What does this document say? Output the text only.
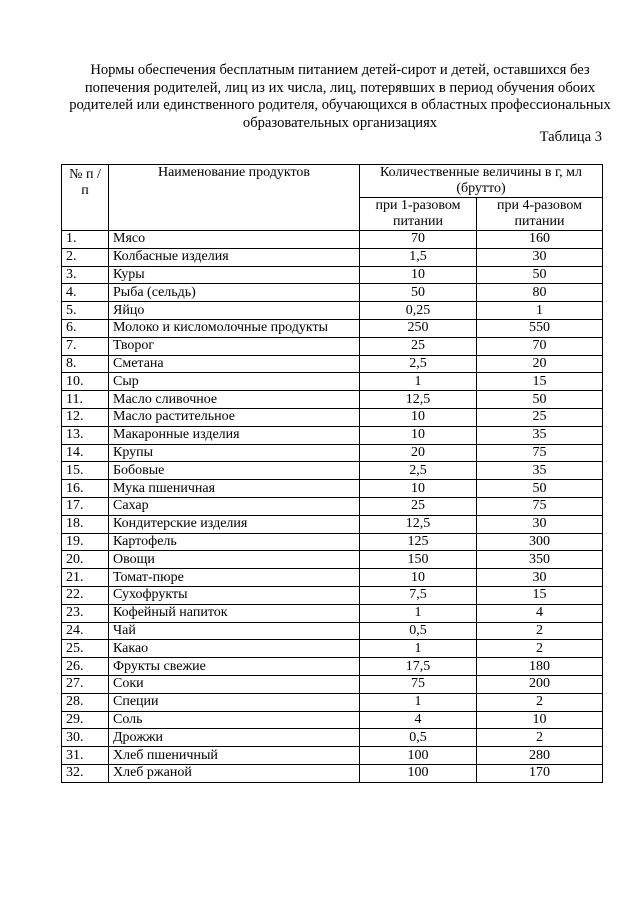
Нормы обеспечения бесплатным питанием детей-сирот и детей, оставшихся без попечения родителей, лиц из их числа, лиц, потерявших в период обучения обоих родителей или единственного родителя, обучающихся в областных профессиональных образовательных организациях
Таблица 3
№ п /п	Наименование продуктов	Количественные величины в г, мл (брутто)	
		при 1-разовом питании	при 4-разовом питании
1.	Мясо	70	160
2.	Колбасные изделия	1,5	30
3.	Куры	10	50
4.	Рыба (сельдь)	50	80
5.	Яйцо	0,25	1
6.	Молоко и кисломолочные продукты	250	550
7.	Творог	25	70
8.	Сметана	2,5	20
10.	Сыр	1	15
11.	Масло сливочное	12,5	50
12.	Масло растительное	10	25
13.	Макаронные изделия	10	35
14.	Крупы	20	75
15.	Бобовые	2,5	35
16.	Мука пшеничная	10	50
17.	Сахар	25	75
18.	Кондитерские изделия	12,5	30
19.	Картофель	125	300
20.	Овощи	150	350
21.	Томат-пюре	10	30
22.	Сухофрукты	7,5	15
23.	Кофейный напиток	1	4
24.	Чай	0,5	2
25.	Какао	1	2
26.	Фрукты свежие	17,5	180
27.	Соки	75	200
28.	Специи	1	2
29.	Соль	4	10
30.	Дрожжи	0,5	2
31.	Хлеб пшеничный	100	280
32.	Хлеб ржаной	100	170
